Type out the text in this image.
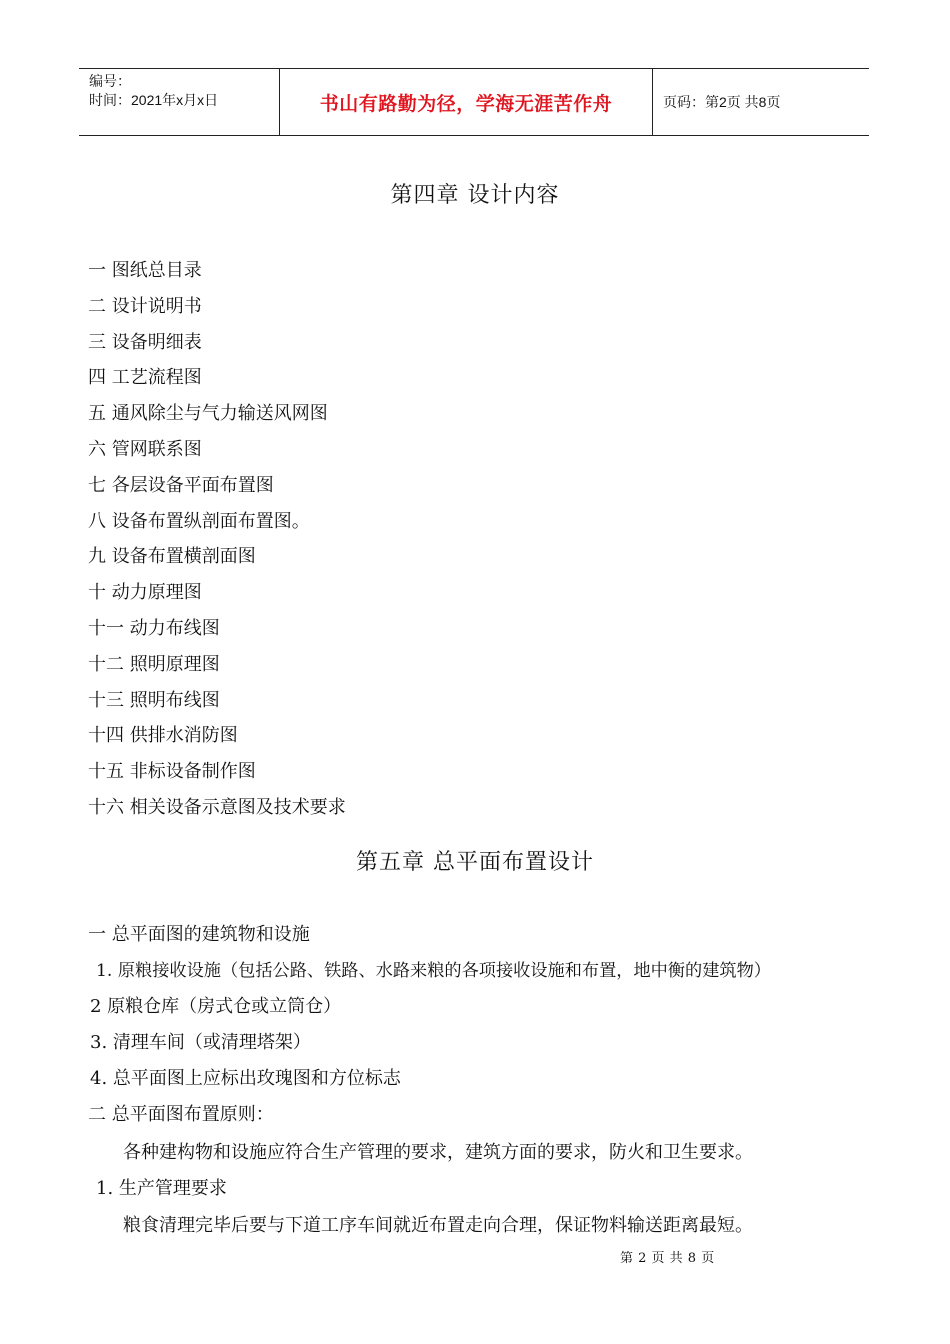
编号：
时间：2021年x月x日	书山有路勤为径，学海无涯苦作舟	页码：第2页 共8页
第四章 设计内容
一 图纸总目录
二 设计说明书
三 设备明细表
四 工艺流程图
五 通风除尘与气力输送风网图
六 管网联系图
七 各层设备平面布置图
八 设备布置纵剖面布置图。
九 设备布置横剖面图
十 动力原理图
十一 动力布线图
十二 照明原理图
十三 照明布线图
十四 供排水消防图
十五 非标设备制作图
十六 相关设备示意图及技术要求
第五章 总平面布置设计
一 总平面图的建筑物和设施
1. 原粮接收设施（包括公路、铁路、水路来粮的各项接收设施和布置，地中衡的建筑物）
2 原粮仓库（房式仓或立筒仓）
3. 清理车间（或清理塔架）
4. 总平面图上应标出玫瑰图和方位标志
二 总平面图布置原则：
各种建构物和设施应符合生产管理的要求，建筑方面的要求，防火和卫生要求。
1. 生产管理要求
粮食清理完毕后要与下道工序车间就近布置走向合理，保证物料输送距离最短。
第 2 页 共 8 页
